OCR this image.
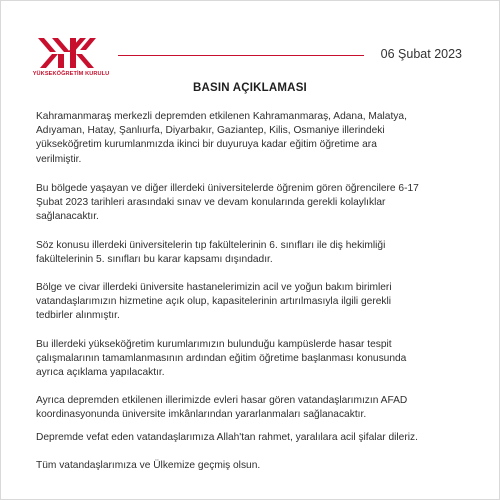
YÜKSEKÖĞRETİM KURULU
06 Şubat 2023
BASIN AÇIKLAMASI
Kahramanmaraş merkezli depremden etkilenen Kahramanmaraş, Adana, Malatya,
Adıyaman, Hatay, Şanlıurfa, Diyarbakır, Gaziantep, Kilis, Osmaniye illerindeki
yükseköğretim kurumlanmızda ikinci bir duyuruya kadar eğitim öğretime ara
verilmiştir.
Bu bölgede yaşayan ve diğer illerdeki üniversitelerde öğrenim gören öğrencilere 6-17
Şubat 2023 tarihleri arasındaki sınav ve devam konularında gerekli kolaylıklar
sağlanacaktır.
Söz konusu illerdeki üniversitelerin tıp fakültelerinin 6. sınıfları ile diş hekimliği
fakültelerinin 5. sınıfları bu karar kapsamı dışındadır.
Bölge ve civar illerdeki üniversite hastanelerimizin acil ve yoğun bakım birimleri
vatandaşlarımızın hizmetine açık olup, kapasitelerinin artırılmasıyla ilgili gerekli
tedbirler alınmıştır.
Bu illerdeki yükseköğretim kurumlarımızın bulunduğu kampüslerde hasar tespit
çalışmalarının tamamlanmasının ardından eğitim öğretime başlanması konusunda
ayrıca açıklama yapılacaktır.
Ayrıca depremden etkilenen illerimizde evleri hasar gören vatandaşlarımızın AFAD
koordinasyonunda üniversite imkânlarından yararlanmaları sağlanacaktır.
Depremde vefat eden vatandaşlarımıza Allah'tan rahmet, yaralılara acil şifalar dileriz.
Tüm vatandaşlarımıza ve Ülkemize geçmiş olsun.
